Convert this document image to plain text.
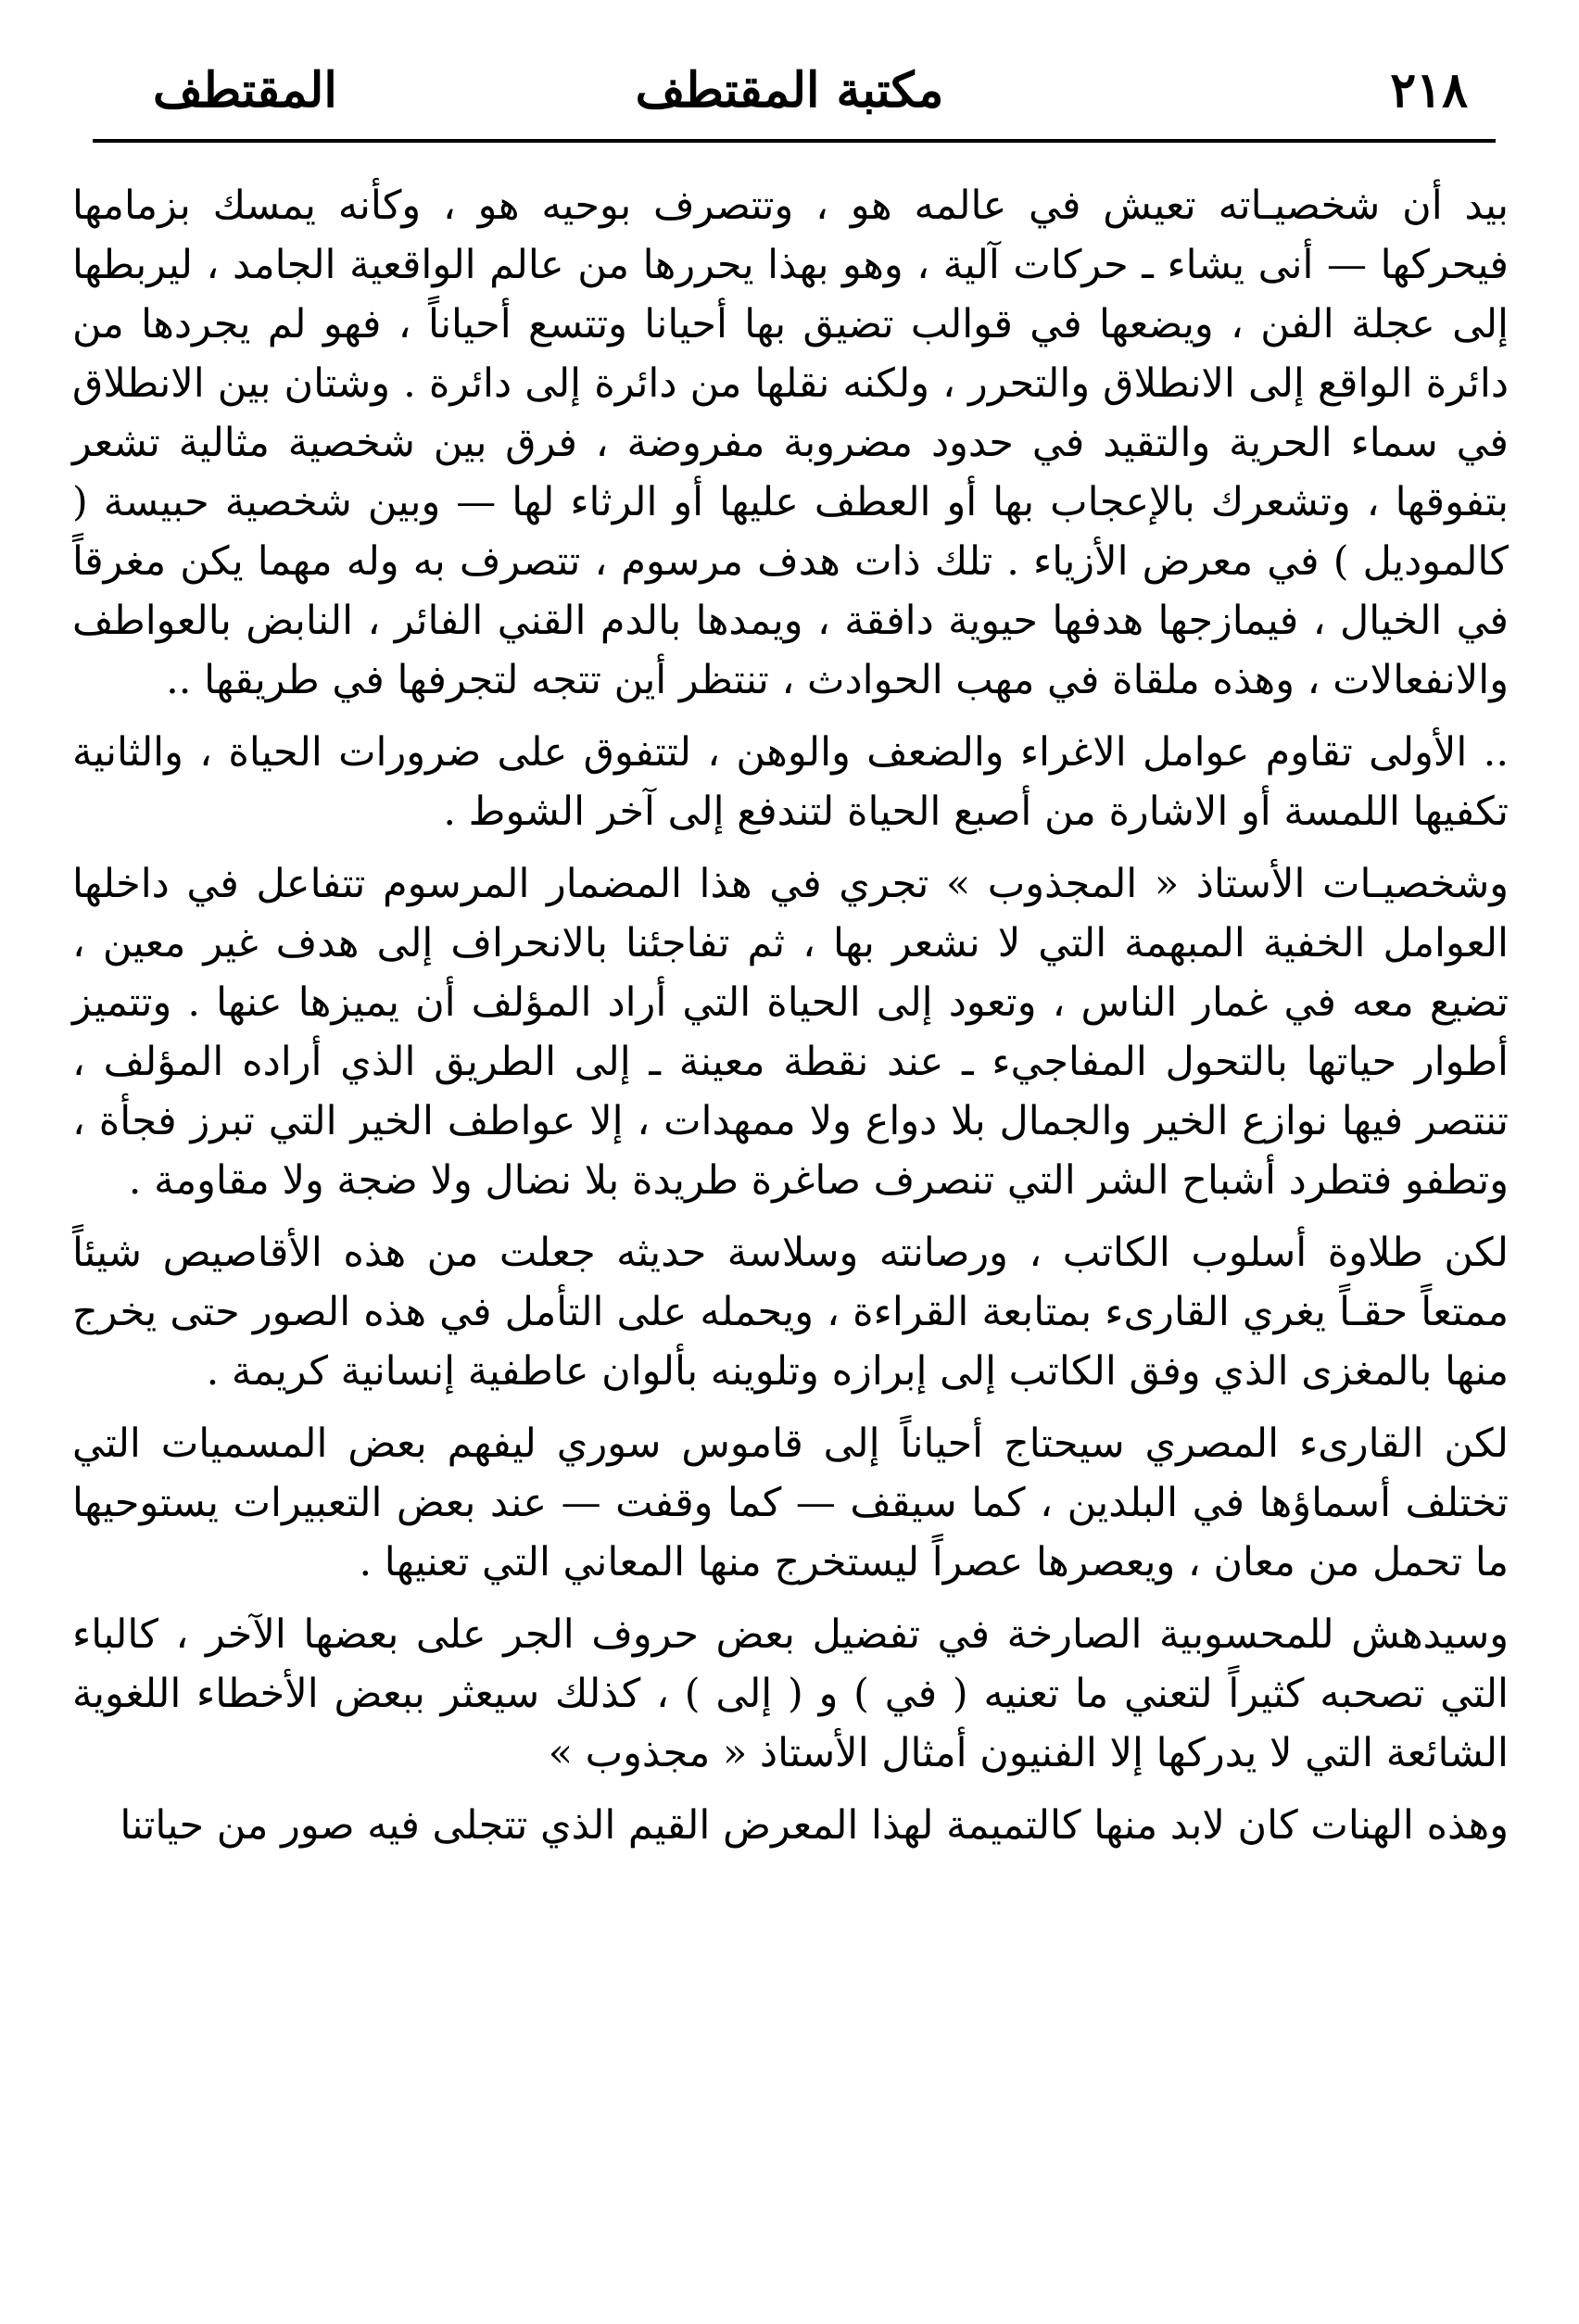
٢١٨
مكتبة المقتطف
المقتطف

بيد أن شخصيـاته تعيش في عالمه هو ، وتتصرف بوحيه هو ، وكأنه يمسك بزمامها فيحركها — أنى يشاء ـ حركات آلية ، وهو بهذا يحررها من عالم الواقعية الجامد ، ليربطها إلى عجلة الفن ، ويضعها في قوالب تضيق بها أحيانا وتتسع أحياناً ، فهو لم يجردها من دائرة الواقع إلى الانطلاق والتحرر ، ولكنه نقلها من دائرة إلى دائرة . وشتان بين الانطلاق في سماء الحرية والتقيد في حدود مضروبة مفروضة ، فرق بين شخصية مثالية تشعر بتفوقها ، وتشعرك بالإعجاب بها أو العطف عليها أو الرثاء لها — وبين شخصية حبيسة ( كالموديل ) في معرض الأزياء . تلك ذات هدف مرسوم ، تتصرف به وله مهما يكن مغرقاً في الخيال ، فيمازجها هدفها حيوية دافقة ، ويمدها بالدم القني الفائر ، النابض بالعواطف والانفعالات ، وهذه ملقاة في مهب الحوادث ، تنتظر أين تتجه لتجرفها في طريقها ..

.. الأولى تقاوم عوامل الاغراء والضعف والوهن ، لتتفوق على ضرورات الحياة ، والثانية تكفيها اللمسة أو الاشارة من أصبع الحياة لتندفع إلى آخر الشوط .

وشخصيـات الأستاذ « المجذوب » تجري في هذا المضمار المرسوم تتفاعل في داخلها العوامل الخفية المبهمة التي لا نشعر بها ، ثم تفاجئنا بالانحراف إلى هدف غير معين ، تضيع معه في غمار الناس ، وتعود إلى الحياة التي أراد المؤلف أن يميزها عنها . وتتميز أطوار حياتها بالتحول المفاجيء ـ عند نقطة معينة ـ إلى الطريق الذي أراده المؤلف ، تنتصر فيها نوازع الخير والجمال بلا دواع ولا ممهدات ، إلا عواطف الخير التي تبرز فجأة ، وتطفو فتطرد أشباح الشر التي تنصرف صاغرة طريدة بلا نضال ولا ضجة ولا مقاومة .

لكن طلاوة أسلوب الكاتب ، ورصانته وسلاسة حديثه جعلت من هذه الأقاصيص شيئاً ممتعاً حقـاً يغري القارىء بمتابعة القراءة ، ويحمله على التأمل في هذه الصور حتى يخرج منها بالمغزى الذي وفق الكاتب إلى إبرازه وتلوينه بألوان عاطفية إنسانية كريمة .

لكن القارىء المصري سيحتاج أحياناً إلى قاموس سوري ليفهم بعض المسميات التي تختلف أسماؤها في البلدين ، كما سيقف — كما وقفت — عند بعض التعبيرات يستوحيها ما تحمل من معان ، ويعصرها عصراً ليستخرج منها المعاني التي تعنيها .

وسيدهش للمحسوبية الصارخة في تفضيل بعض حروف الجر على بعضها الآخر ، كالباء التي تصحبه كثيراً لتعني ما تعنيه ( في ) و ( إلى ) ، كذلك سيعثر ببعض الأخطاء اللغوية الشائعة التي لا يدركها إلا الفنيون أمثال الأستاذ « مجذوب »

وهذه الهنات كان لابد منها كالتميمة لهذا المعرض القيم الذي تتجلى فيه صور من حياتنا
